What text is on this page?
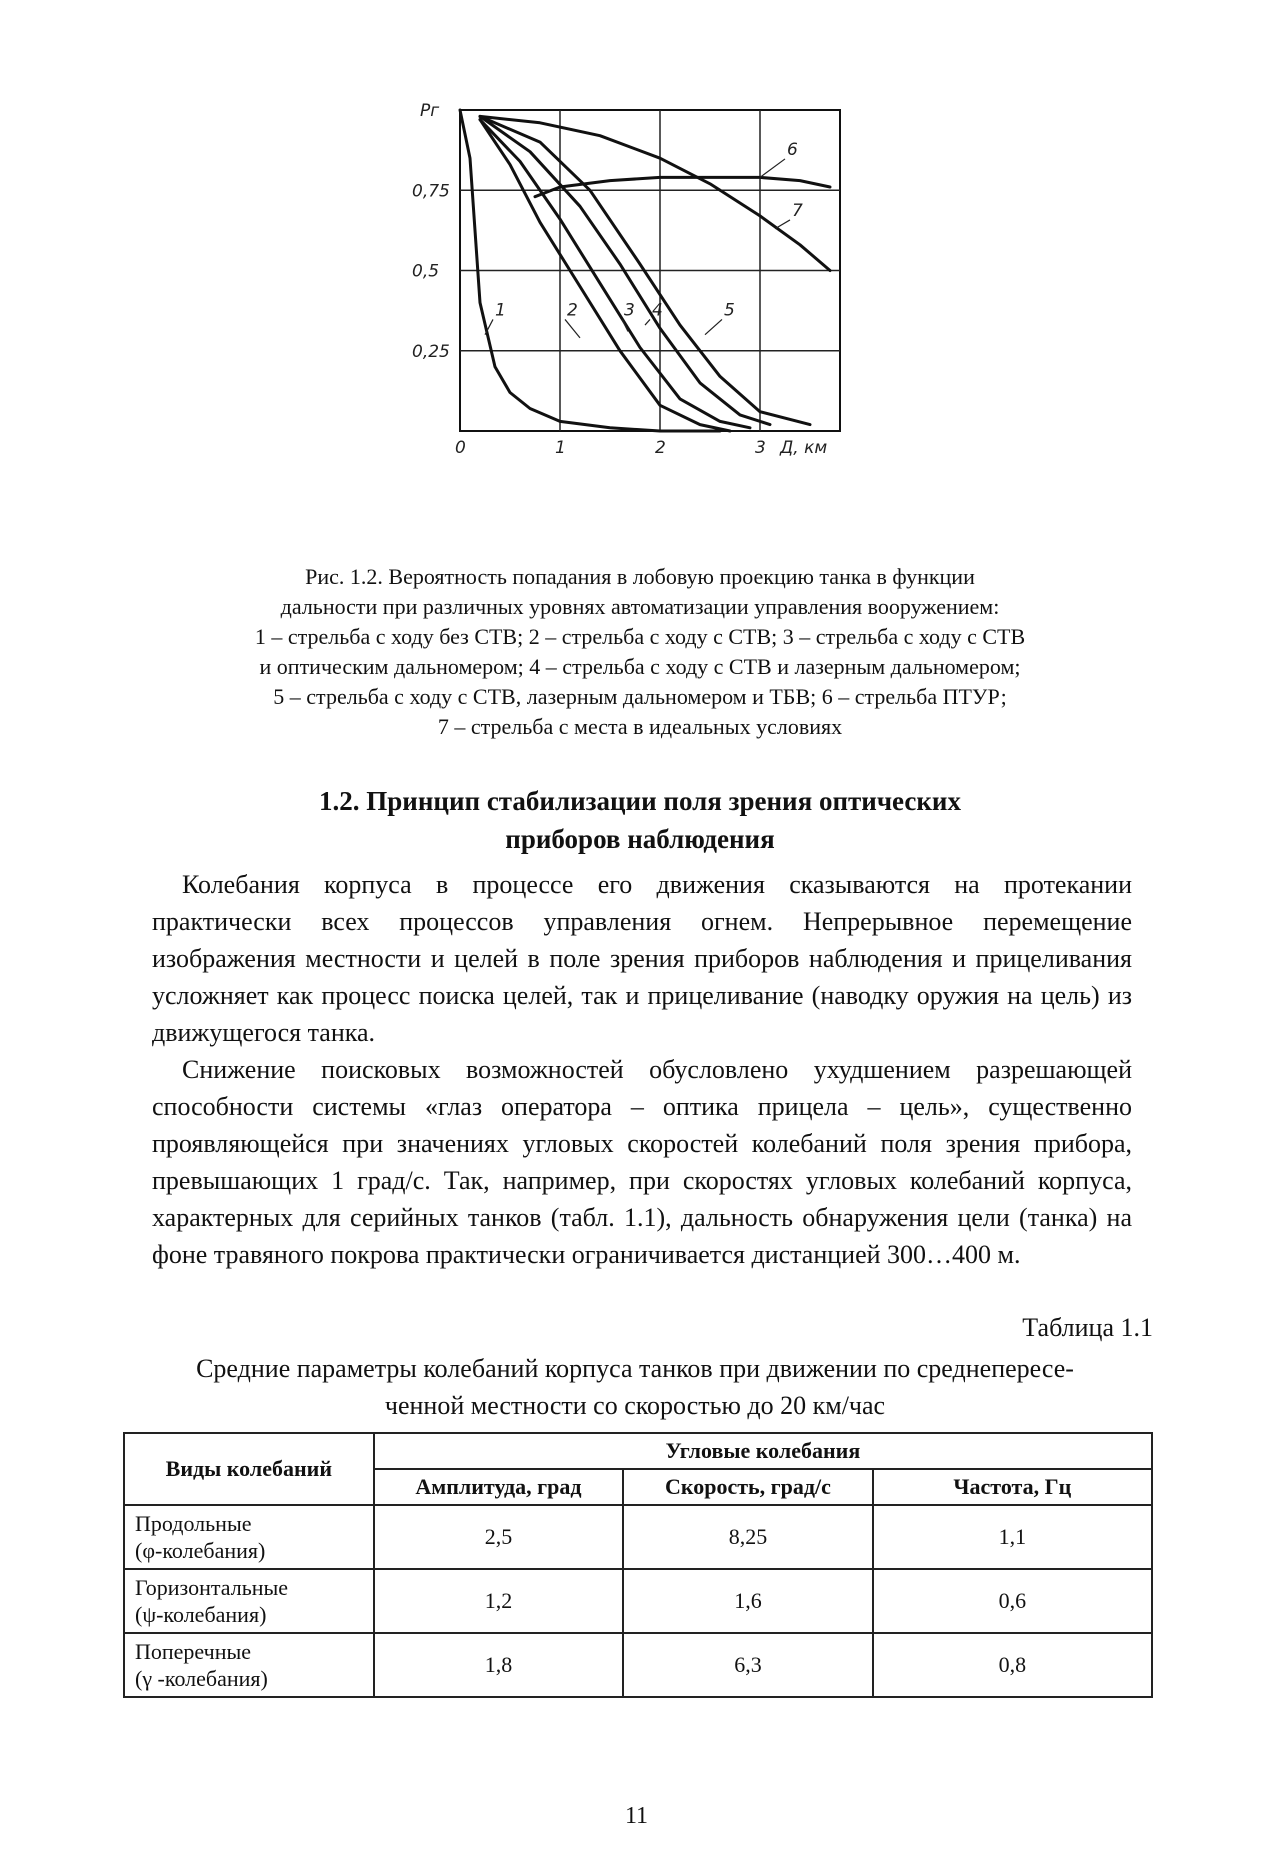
Pг
0,75
0,5
0,25
0	1	2	3 Д, км
1	2	3 4	5
6
7
Рис. 1.2. Вероятность попадания в лобовую проекцию танка в функции
дальности при различных уровнях автоматизации управления вооружением:
1 – стрельба с ходу без СТВ; 2 – стрельба с ходу с СТВ; 3 – стрельба с ходу с СТВ
и оптическим дальномером; 4 – стрельба с ходу с СТВ и лазерным дальномером;
5 – стрельба с ходу с СТВ, лазерным дальномером и ТБВ; 6 – стрельба ПТУР;
7 – стрельба с места в идеальных условиях
1.2. Принцип стабилизации поля зрения оптических
приборов наблюдения

Колебания корпуса в процессе его движения сказываются на протекании практически всех процессов управления огнем. Непрерывное перемещение изображения местности и целей в поле зрения приборов наблюдения и прицеливания усложняет как процесс поиска целей, так и прицеливание (наводку оружия на цель) из движущегося танка.

Снижение поисковых возможностей обусловлено ухудшением разрешающей способности системы «глаз оператора – оптика прицела – цель», существенно проявляющейся при значениях угловых скоростей колебаний поля зрения прибора, превышающих 1 град/с. Так, например, при скоростях угловых колебаний корпуса, характерных для серийных танков (табл. 1.1), дальность обнаружения цели (танка) на фоне травяного покрова практически ограничивается дистанцией 300…400 м.

Таблица 1.1
Средние параметры колебаний корпуса танков при движении по среднепересе-
ченной местности со скоростью до 20 км/час
Виды колебаний	Угловые колебания		
	Амплитуда, град	Скорость, град/с	Частота, Гц

Продольные
(φ-колебания)	2,5	8,25	1,1

Горизонтальные
(ψ-колебания)	1,2	1,6	0,6

Поперечные
(γ -колебания)	1,8	6,3	0,8
11
